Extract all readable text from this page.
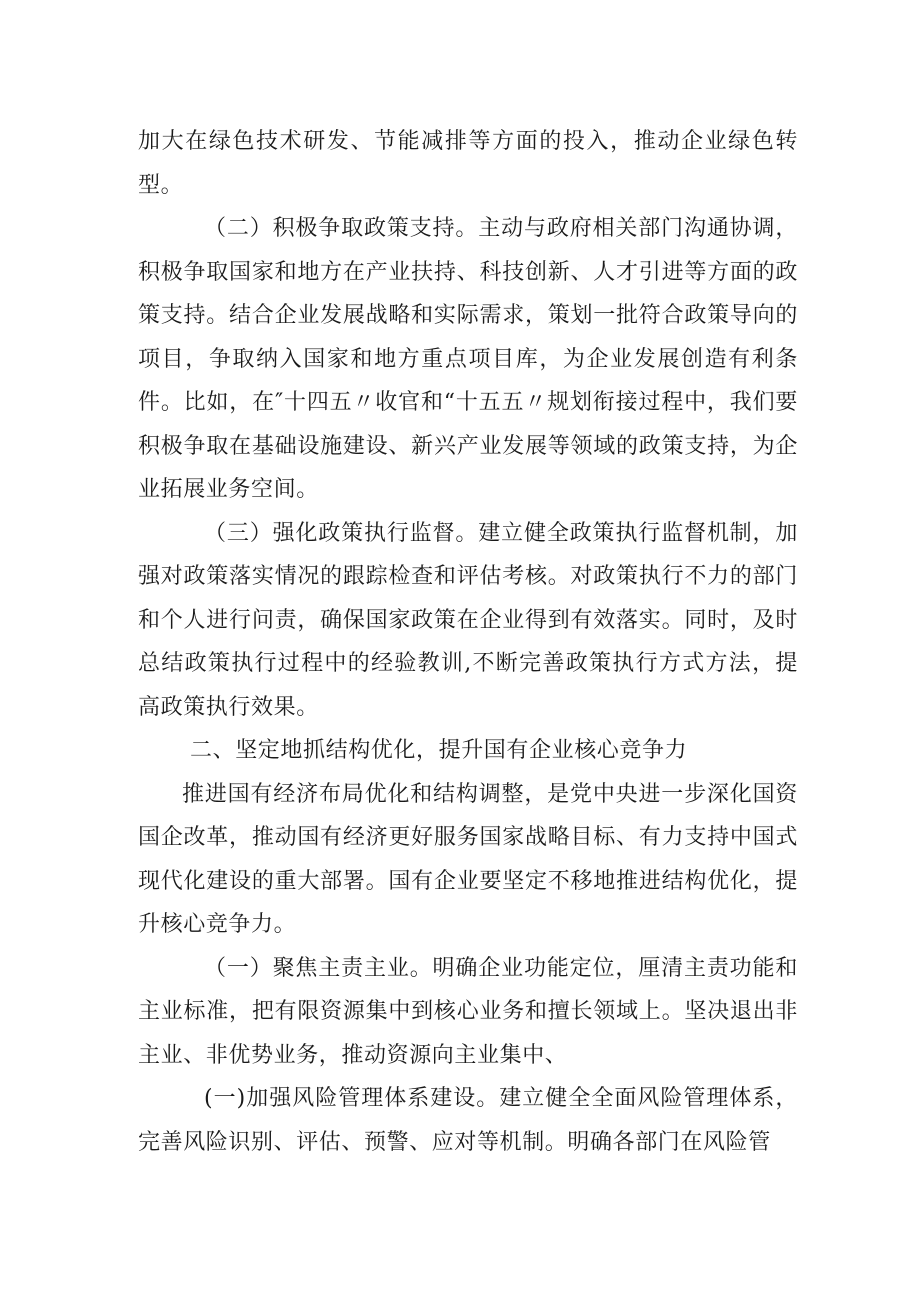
加大在绿色技术研发、节能减排等方面的投入，推动企业绿色转型。

（二）积极争取政策支持。主动与政府相关部门沟通协调，积极争取国家和地方在产业扶持、科技创新、人才引进等方面的政策支持。结合企业发展战略和实际需求，策划一批符合政策导向的项目，争取纳入国家和地方重点项目库，为企业发展创造有利条件。比如，在″十四五〃收官和“十五五〃规划衔接过程中，我们要积极争取在基础设施建设、新兴产业发展等领域的政策支持，为企业拓展业务空间。

（三）强化政策执行监督。建立健全政策执行监督机制，加强对政策落实情况的跟踪检查和评估考核。对政策执行不力的部门和个人进行问责，确保国家政策在企业得到有效落实。同时，及时总结政策执行过程中的经验教训,不断完善政策执行方式方法，提高政策执行效果。

二、坚定地抓结构优化，提升国有企业核心竞争力

推进国有经济布局优化和结构调整，是党中央进一步深化国资国企改革，推动国有经济更好服务国家战略目标、有力支持中国式现代化建设的重大部署。国有企业要坚定不移地推进结构优化，提升核心竞争力。

（一）聚焦主责主业。明确企业功能定位，厘清主责功能和主业标准，把有限资源集中到核心业务和擅长领域上。坚决退出非主业、非优势业务，推动资源向主业集中、

(一)加强风险管理体系建设。建立健全全面风险管理体系，完善风险识别、评估、预警、应对等机制。明确各部门在风险管
